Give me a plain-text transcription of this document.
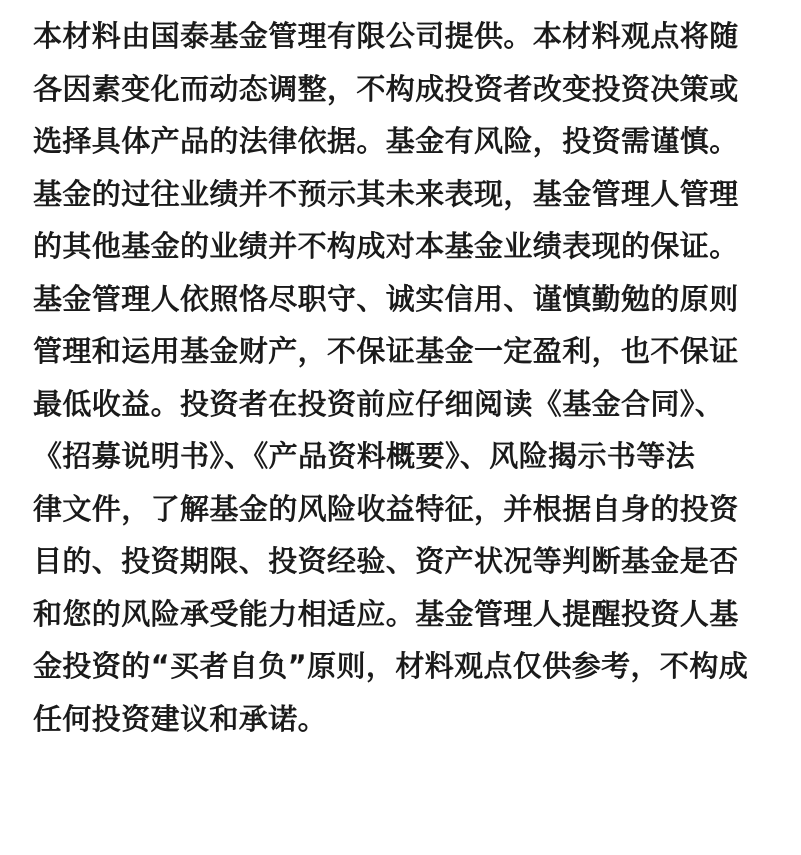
本材料由国泰基金管理有限公司提供。本材料观点将随
各因素变化而动态调整，不构成投资者改变投资决策或
选择具体产品的法律依据。基金有风险，投资需谨慎。
基金的过往业绩并不预示其未来表现，基金管理人管理
的其他基金的业绩并不构成对本基金业绩表现的保证。
基金管理人依照恪尽职守、诚实信用、谨慎勤勉的原则
管理和运用基金财产，不保证基金一定盈利，也不保证
最低收益。投资者在投资前应仔细阅读《基金合同》、
《招募说明书》、《产品资料概要》、风险揭示书等法
律文件，了解基金的风险收益特征，并根据自身的投资
目的、投资期限、投资经验、资产状况等判断基金是否
和您的风险承受能力相适应。基金管理人提醒投资人基
金投资的“买者自负”原则，材料观点仅供参考，不构成
任何投资建议和承诺。
